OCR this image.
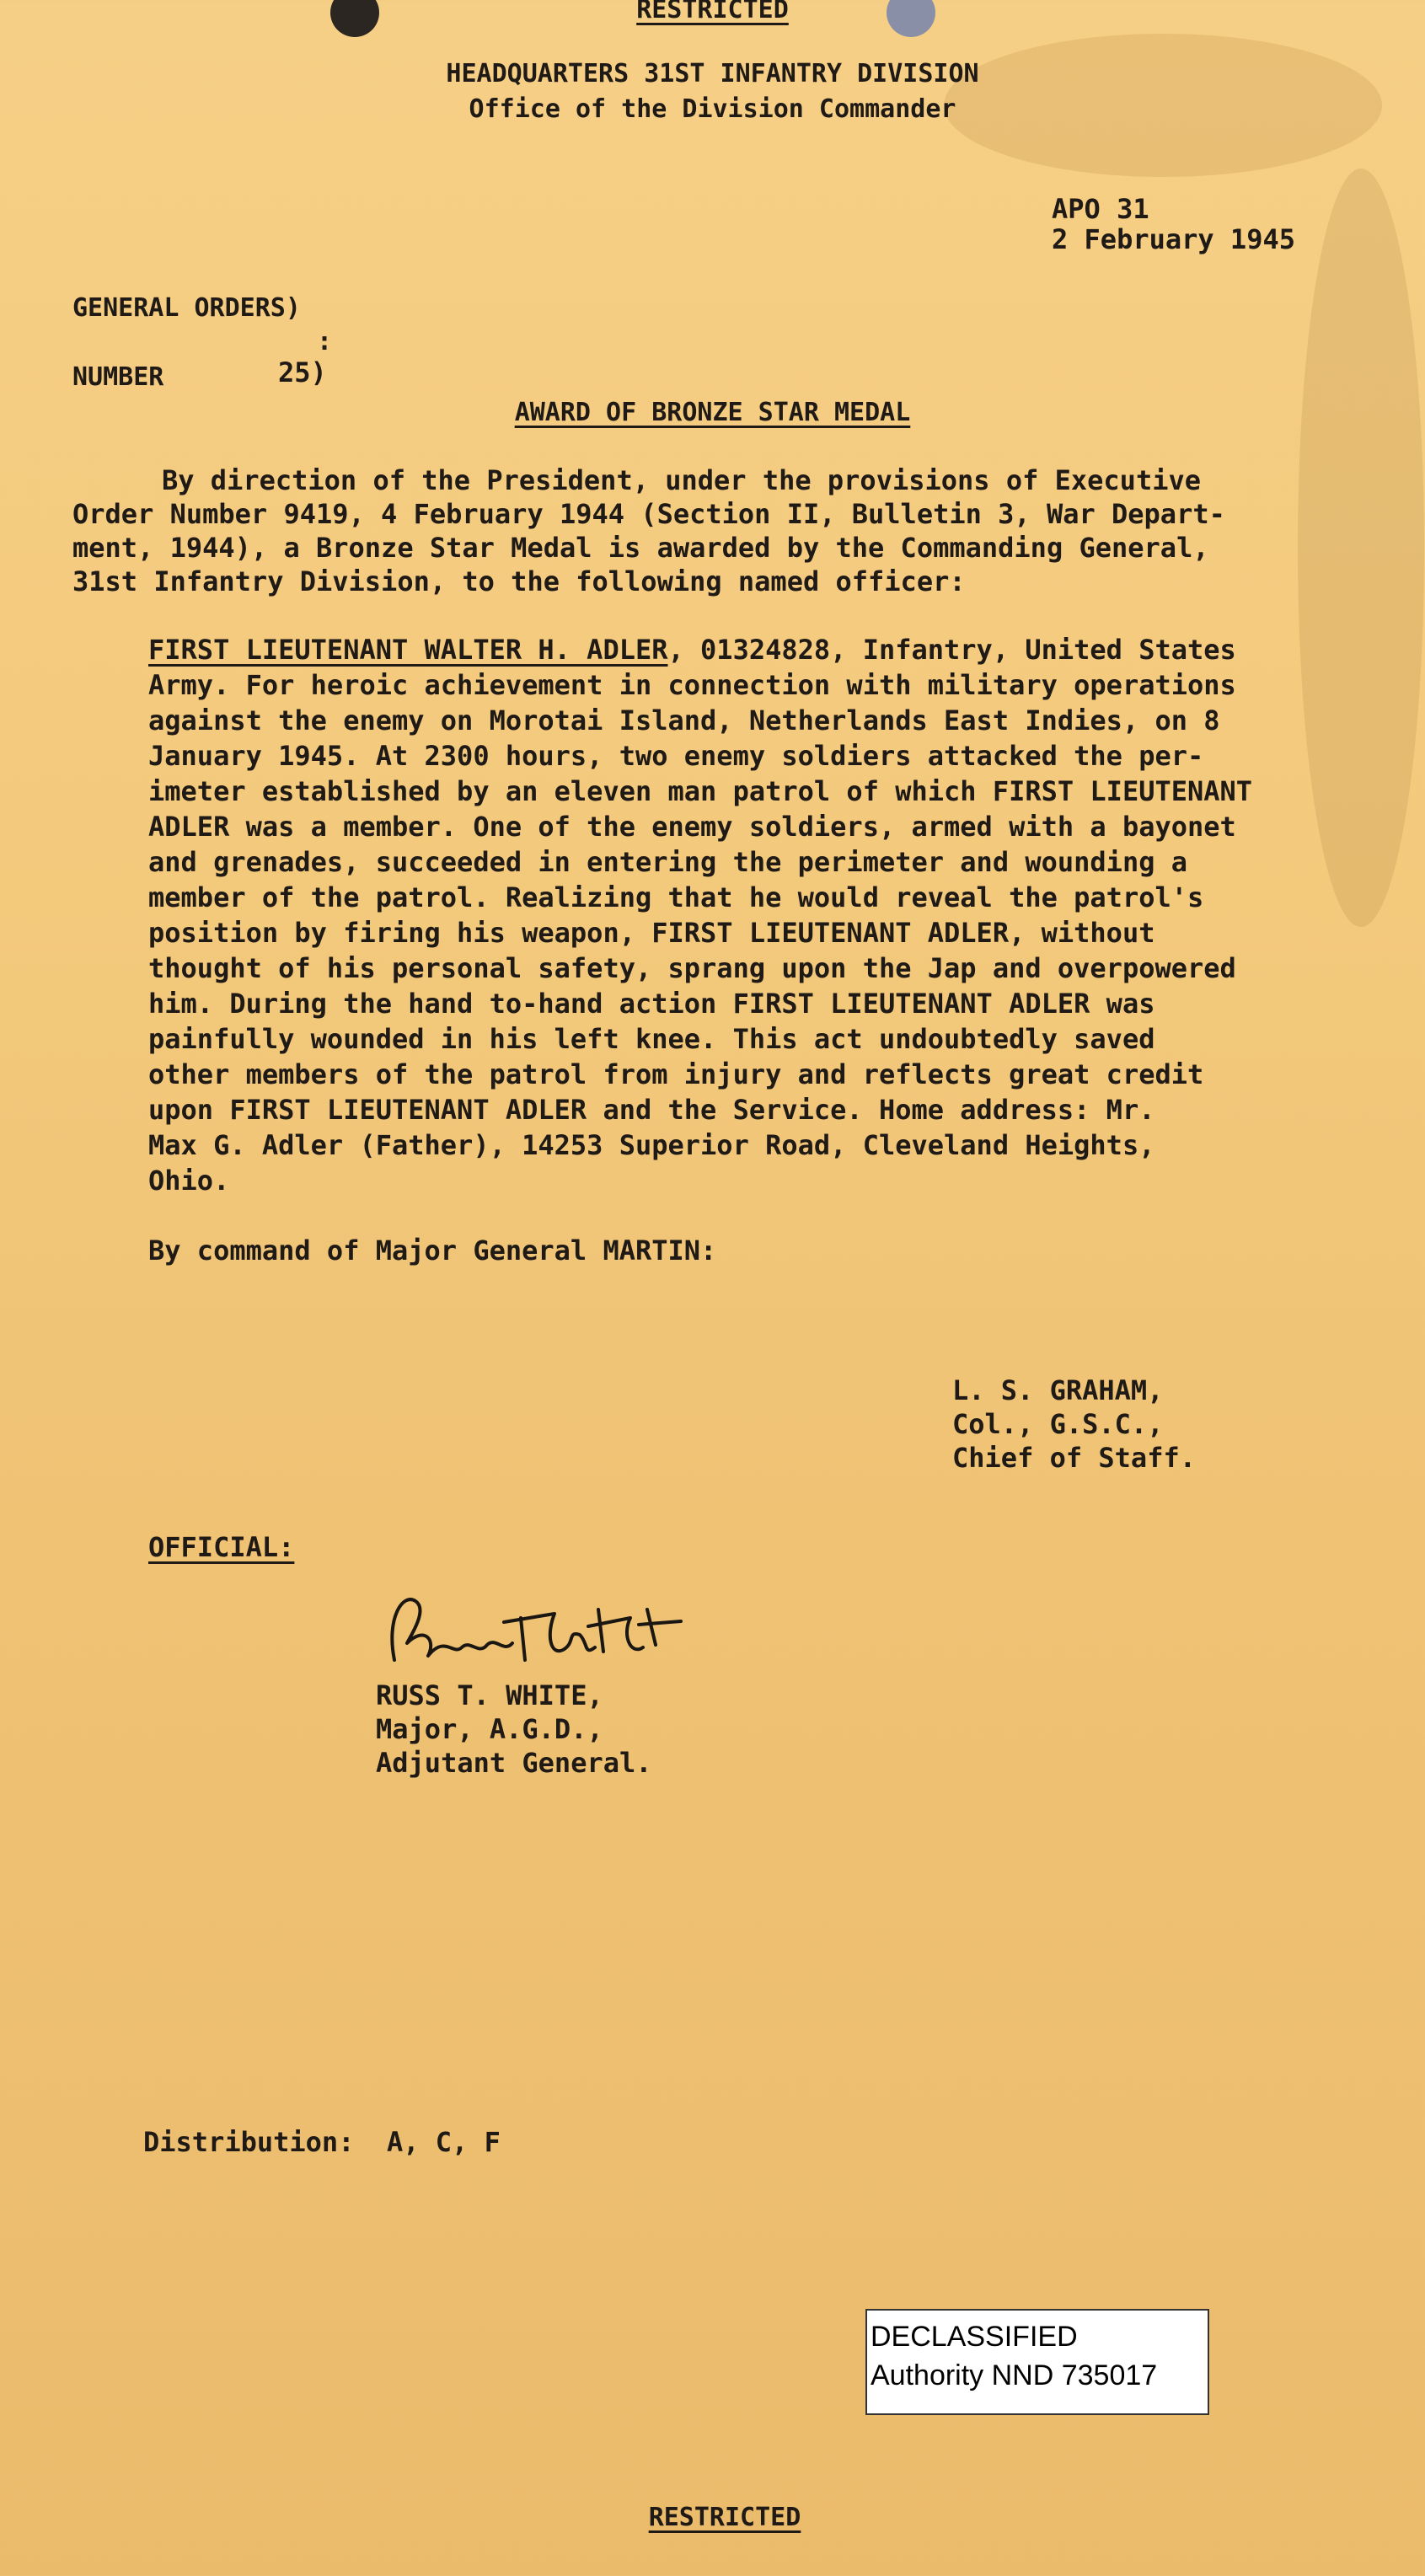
RESTRICTED
HEADQUARTERS 31ST INFANTRY DIVISION
Office of the Division Commander
APO 31
2 February 1945
GENERAL ORDERS)
:
NUMBER	25)
AWARD OF BRONZE STAR MEDAL
By direction of the President, under the provisions of Executive
Order Number 9419, 4 February 1944 (Section II, Bulletin 3, War Depart-
ment, 1944), a Bronze Star Medal is awarded by the Commanding General,
31st Infantry Division, to the following named officer:
FIRST LIEUTENANT WALTER H. ADLER, 01324828, Infantry, United States
Army. For heroic achievement in connection with military operations
against the enemy on Morotai Island, Netherlands East Indies, on 8
January 1945. At 2300 hours, two enemy soldiers attacked the per-
imeter established by an eleven man patrol of which FIRST LIEUTENANT
ADLER was a member. One of the enemy soldiers, armed with a bayonet
and grenades, succeeded in entering the perimeter and wounding a
member of the patrol. Realizing that he would reveal the patrol's
position by firing his weapon, FIRST LIEUTENANT ADLER, without
thought of his personal safety, sprang upon the Jap and overpowered
him. During the hand to-hand action FIRST LIEUTENANT ADLER was
painfully wounded in his left knee. This act undoubtedly saved
other members of the patrol from injury and reflects great credit
upon FIRST LIEUTENANT ADLER and the Service. Home address: Mr.
Max G. Adler (Father), 14253 Superior Road, Cleveland Heights,
Ohio.
By command of Major General MARTIN:
L. S. GRAHAM,
Col., G.S.C.,
Chief of Staff.
OFFICIAL:
RUSS T. WHITE,
Major, A.G.D.,
Adjutant General.
Distribution:  A, C, F
DECLASSIFIED
Authority NND 735017
RESTRICTED
